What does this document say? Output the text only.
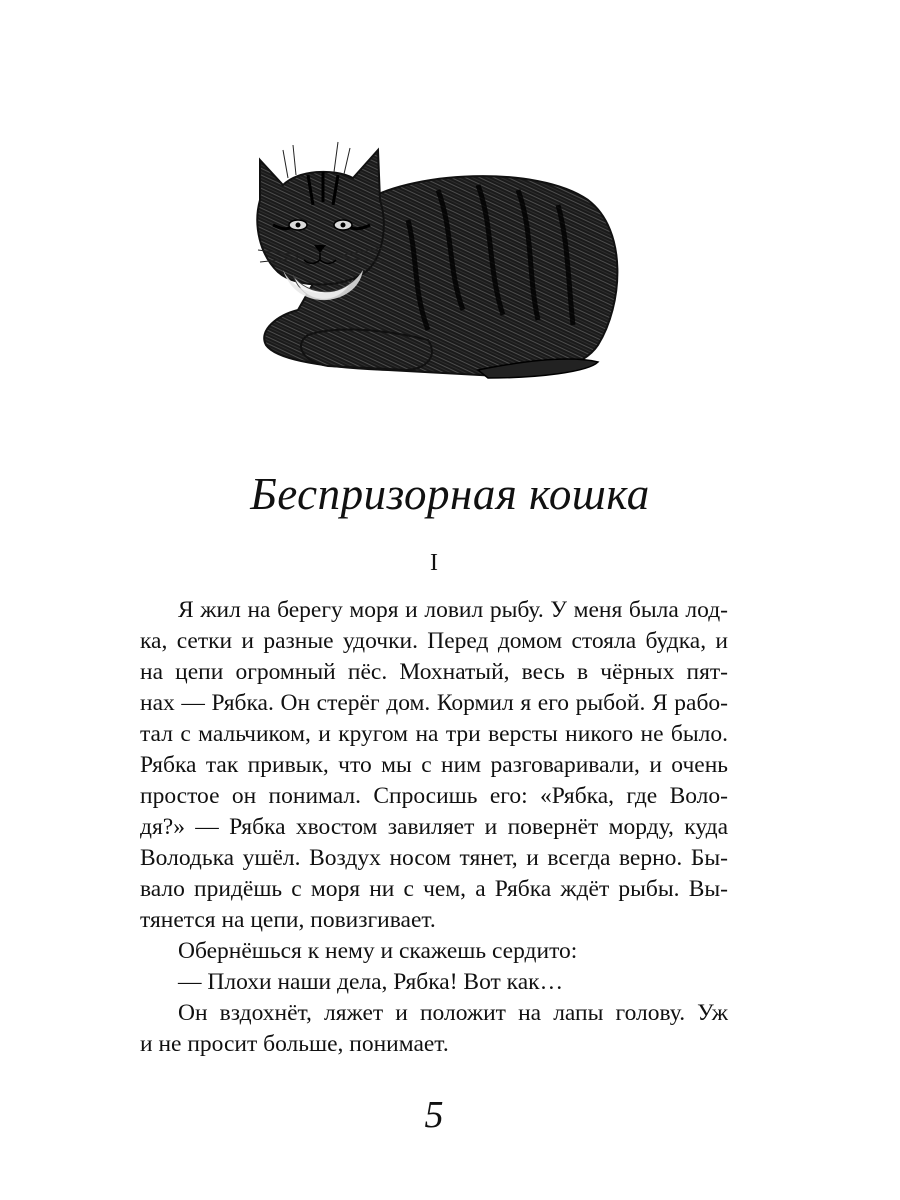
Беспризорная кошка
I
Я жил на берегу моря и ловил рыбу. У меня была лод-
ка, сетки и разные удочки. Перед домом стояла будка, и
на цепи огромный пёс. Мохнатый, весь в чёрных пят-
нах — Рябка. Он стерёг дом. Кормил я его рыбой. Я рабо-
тал с мальчиком, и кругом на три версты никого не было.
Рябка так привык, что мы с ним разговаривали, и очень
простое он понимал. Спросишь его: «Рябка, где Воло-
дя?» — Рябка хвостом завиляет и повернёт морду, куда
Володька ушёл. Воздух носом тянет, и всегда верно. Бы-
вало придёшь с моря ни с чем, а Рябка ждёт рыбы. Вы-
тянется на цепи, повизгивает.
Обернёшься к нему и скажешь сердито:
— Плохи наши дела, Рябка! Вот как…
Он вздохнёт, ляжет и положит на лапы голову. Уж
и не просит больше, понимает.
5
